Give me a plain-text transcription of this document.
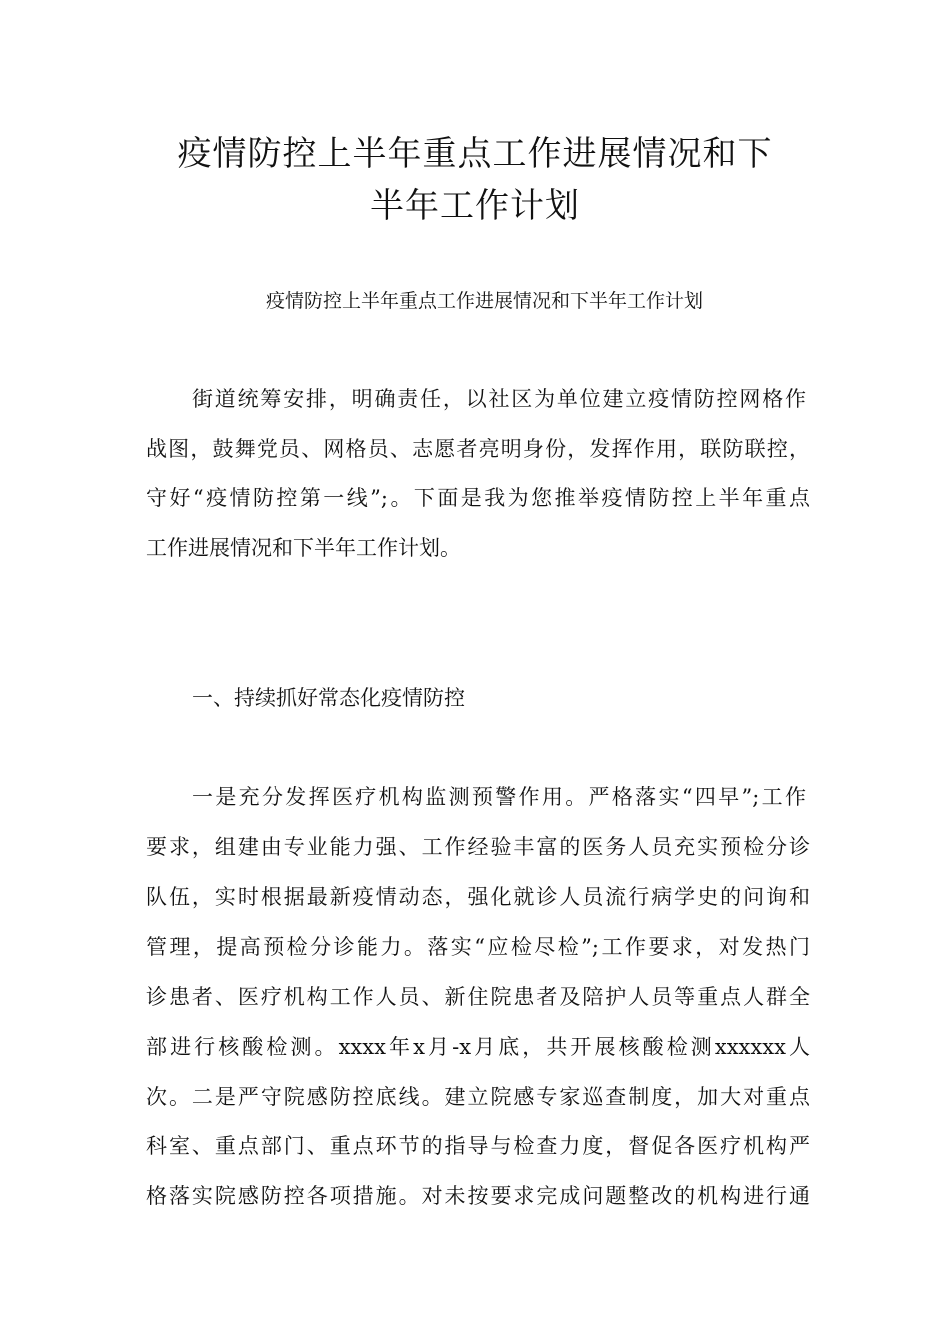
疫情防控上半年重点工作进展情况和下
半年工作计划
疫情防控上半年重点工作进展情况和下半年工作计划
街道统筹安排，明确责任，以社区为单位建立疫情防控网格作
战图，鼓舞党员、网格员、志愿者亮明身份，发挥作用，联防联控，
守好“疫情防控第一线”;。下面是我为您推举疫情防控上半年重点
工作进展情况和下半年工作计划。
一、持续抓好常态化疫情防控
一是充分发挥医疗机构监测预警作用。严格落实“四早”;工作
要求，组建由专业能力强、工作经验丰富的医务人员充实预检分诊
队伍，实时根据最新疫情动态，强化就诊人员流行病学史的问询和
管理，提高预检分诊能力。落实“应检尽检”;工作要求，对发热门
诊患者、医疗机构工作人员、新住院患者及陪护人员等重点人群全
部进行核酸检测。xxxx年x月-x月底，共开展核酸检测xxxxxx人
次。二是严守院感防控底线。建立院感专家巡查制度，加大对重点
科室、重点部门、重点环节的指导与检查力度，督促各医疗机构严
格落实院感防控各项措施。对未按要求完成问题整改的机构进行通
